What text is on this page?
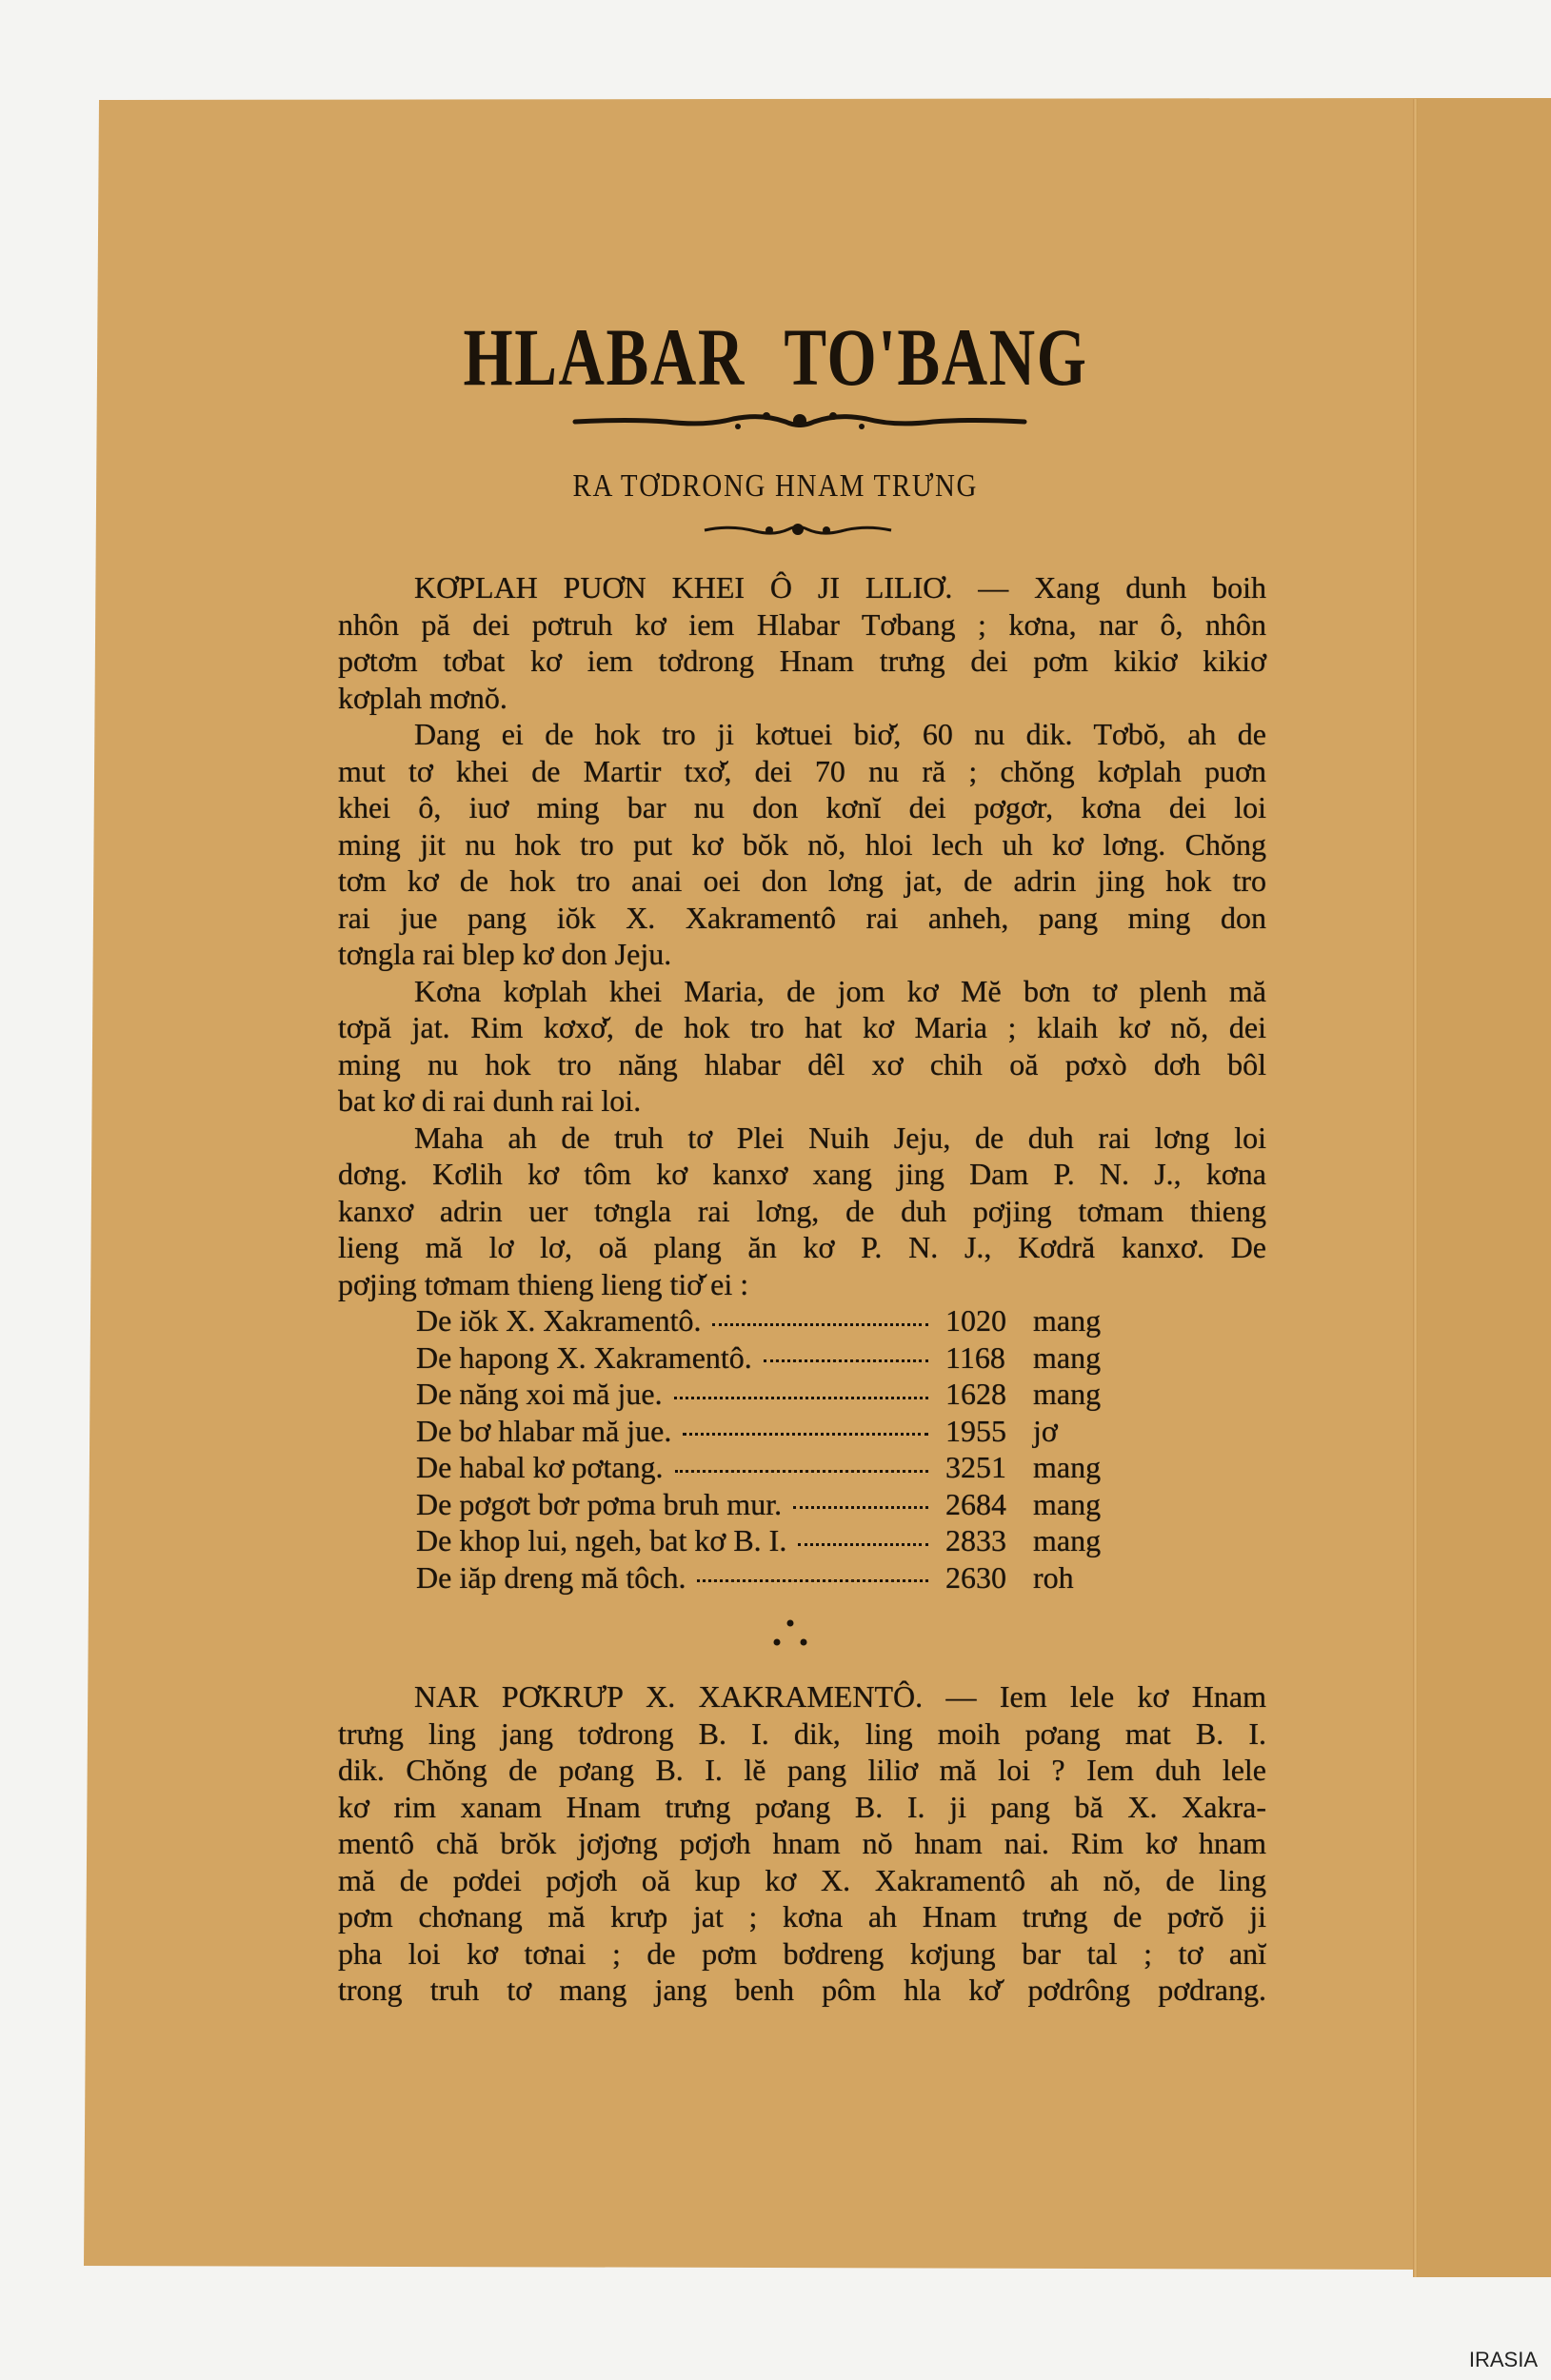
HLABAR TO'BANG
RA TƠDRONG HNAM TRƯNG
KƠPLAH PUƠN KHEI Ô JI LILIƠ. — Xang dunh boih
nhôn pă dei pơtruh kơ iem Hlabar Tơbang ; kơna, nar ô, nhôn
pơtơm tơbat kơ iem tơdrong Hnam trưng dei pơm kikiơ kikiơ
kơplah mơnŏ.
Dang ei de hok tro ji kơtuei biơ̆, 60 nu dik. Tơbŏ, ah de
mut tơ khei de Martir txơ̆, dei 70 nu ră ; chŏng kơplah puơn
khei ô, iuơ ming bar nu don kơnĭ dei pơgơr, kơna dei loi
ming jit nu hok tro put kơ bŏk nŏ, hloi lech uh kơ lơng. Chŏng
tơm kơ de hok tro anai oei don lơng jat, de adrin jing hok tro
rai jue pang iŏk X. Xakramentô rai anheh, pang ming don
tơngla rai blep kơ don Jeju.
Kơna kơplah khei Maria, de jom kơ Mĕ bơn tơ plenh mă
tơpă jat. Rim kơxơ̆, de hok tro hat kơ Maria ; klaih kơ nŏ, dei
ming nu hok tro năng hlabar dêl xơ chih oă pơxò dơh bôl
bat kơ di rai dunh rai loi.
Maha ah de truh tơ Plei Nuih Jeju, de duh rai lơng loi
dơng. Kơlih kơ tôm kơ kanxơ xang jing Dam P. N. J., kơna
kanxơ adrin uer tơngla rai lơng, de duh pơjing tơmam thieng
lieng mă lơ lơ, oă plang ăn kơ P. N. J., Kơdră kanxơ. De
pơjing tơmam thieng lieng tiơ̆ ei :
De iŏk X. Xakramentô.	1020 mang
De hapong X. Xakramentô.	1168 mang
De năng xoi mă jue.	1628 mang
De bơ hlabar mă jue.	1955 jơ
De habal kơ pơtang.	3251 mang
De pơgơt bơr pơma bruh mur.	2684 mang
De khop lui, ngeh, bat kơ B. I.	2833 mang
De iăp dreng mă tôch.	2630 roh
NAR PƠKRƯP X. XAKRAMENTÔ. — Iem lele kơ Hnam
trưng ling jang tơdrong B. I. dik, ling moih pơang mat B. I.
dik. Chŏng de pơang B. I. lĕ pang liliơ mă loi ? Iem duh lele
kơ rim xanam Hnam trưng pơang B. I. ji pang bă X. Xakra-
mentô chă brŏk jơjơng pơjơh hnam nŏ hnam nai. Rim kơ hnam
mă de pơdei pơjơh oă kup kơ X. Xakramentô ah nŏ, de ling
pơm chơnang mă krưp jat ; kơna ah Hnam trưng de pơrŏ ji
pha loi kơ tơnai ; de pơm bơdreng kơjung bar tal ; tơ anĭ
trong truh tơ mang jang benh pôm hla kơ̆ pơdrông pơdrang.
IRASIA
